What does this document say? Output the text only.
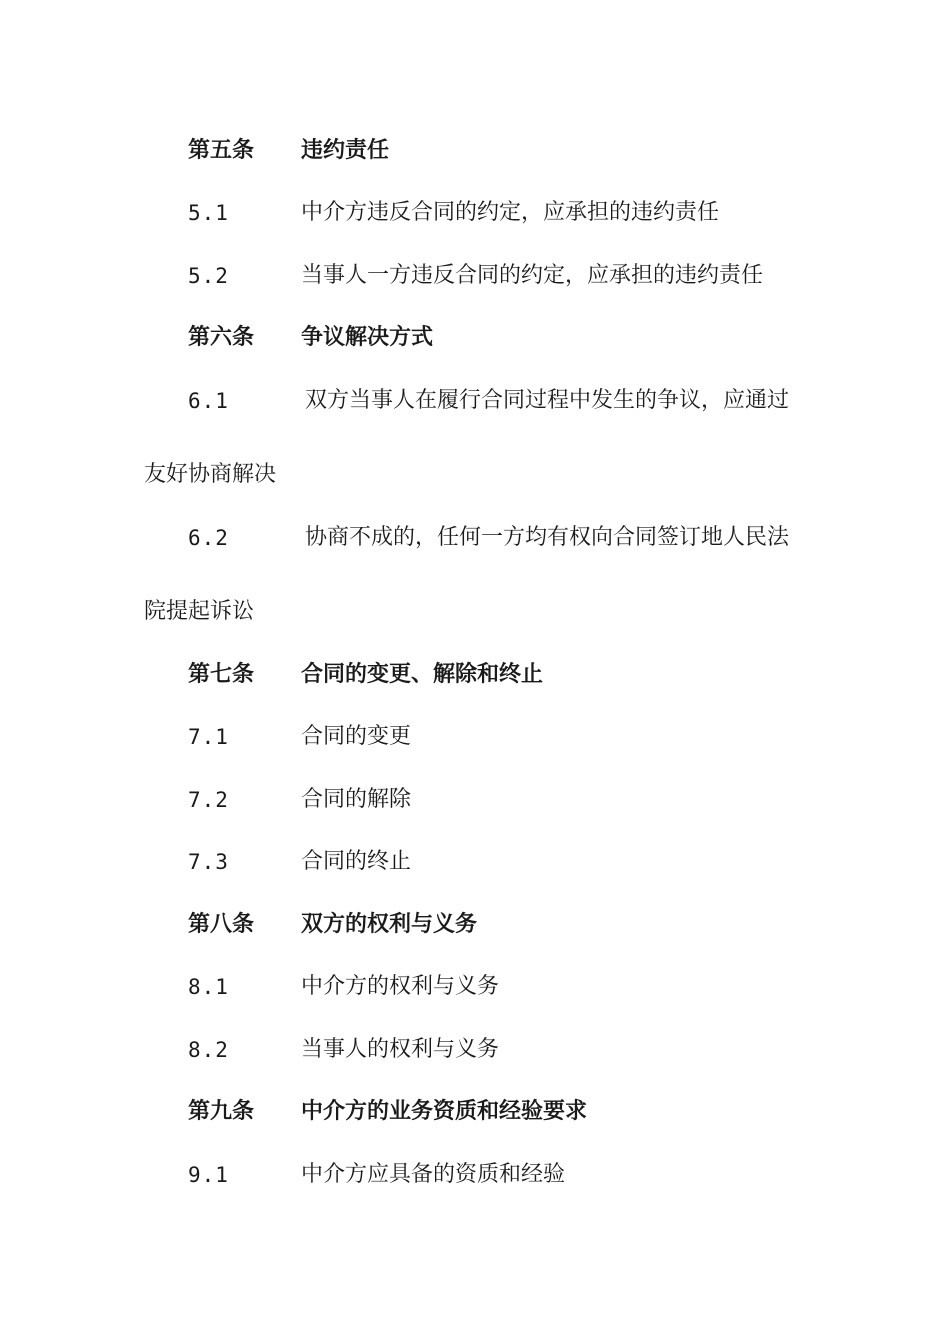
第五条 违约责任
5.1	中介方违反合同的约定，应承担的违约责任
5.2	当事人一方违反合同的约定，应承担的违约责任
第六条 争议解决方式
6.1	双方当事人在履行合同过程中发生的争议，应通过
友好协商解决
6.2	协商不成的，任何一方均有权向合同签订地人民法
院提起诉讼
第七条 合同的变更、解除和终止
7.1	合同的变更
7.2	合同的解除
7.3	合同的终止
第八条 双方的权利与义务
8.1	中介方的权利与义务
8.2	当事人的权利与义务
第九条 中介方的业务资质和经验要求
9.1	中介方应具备的资质和经验
